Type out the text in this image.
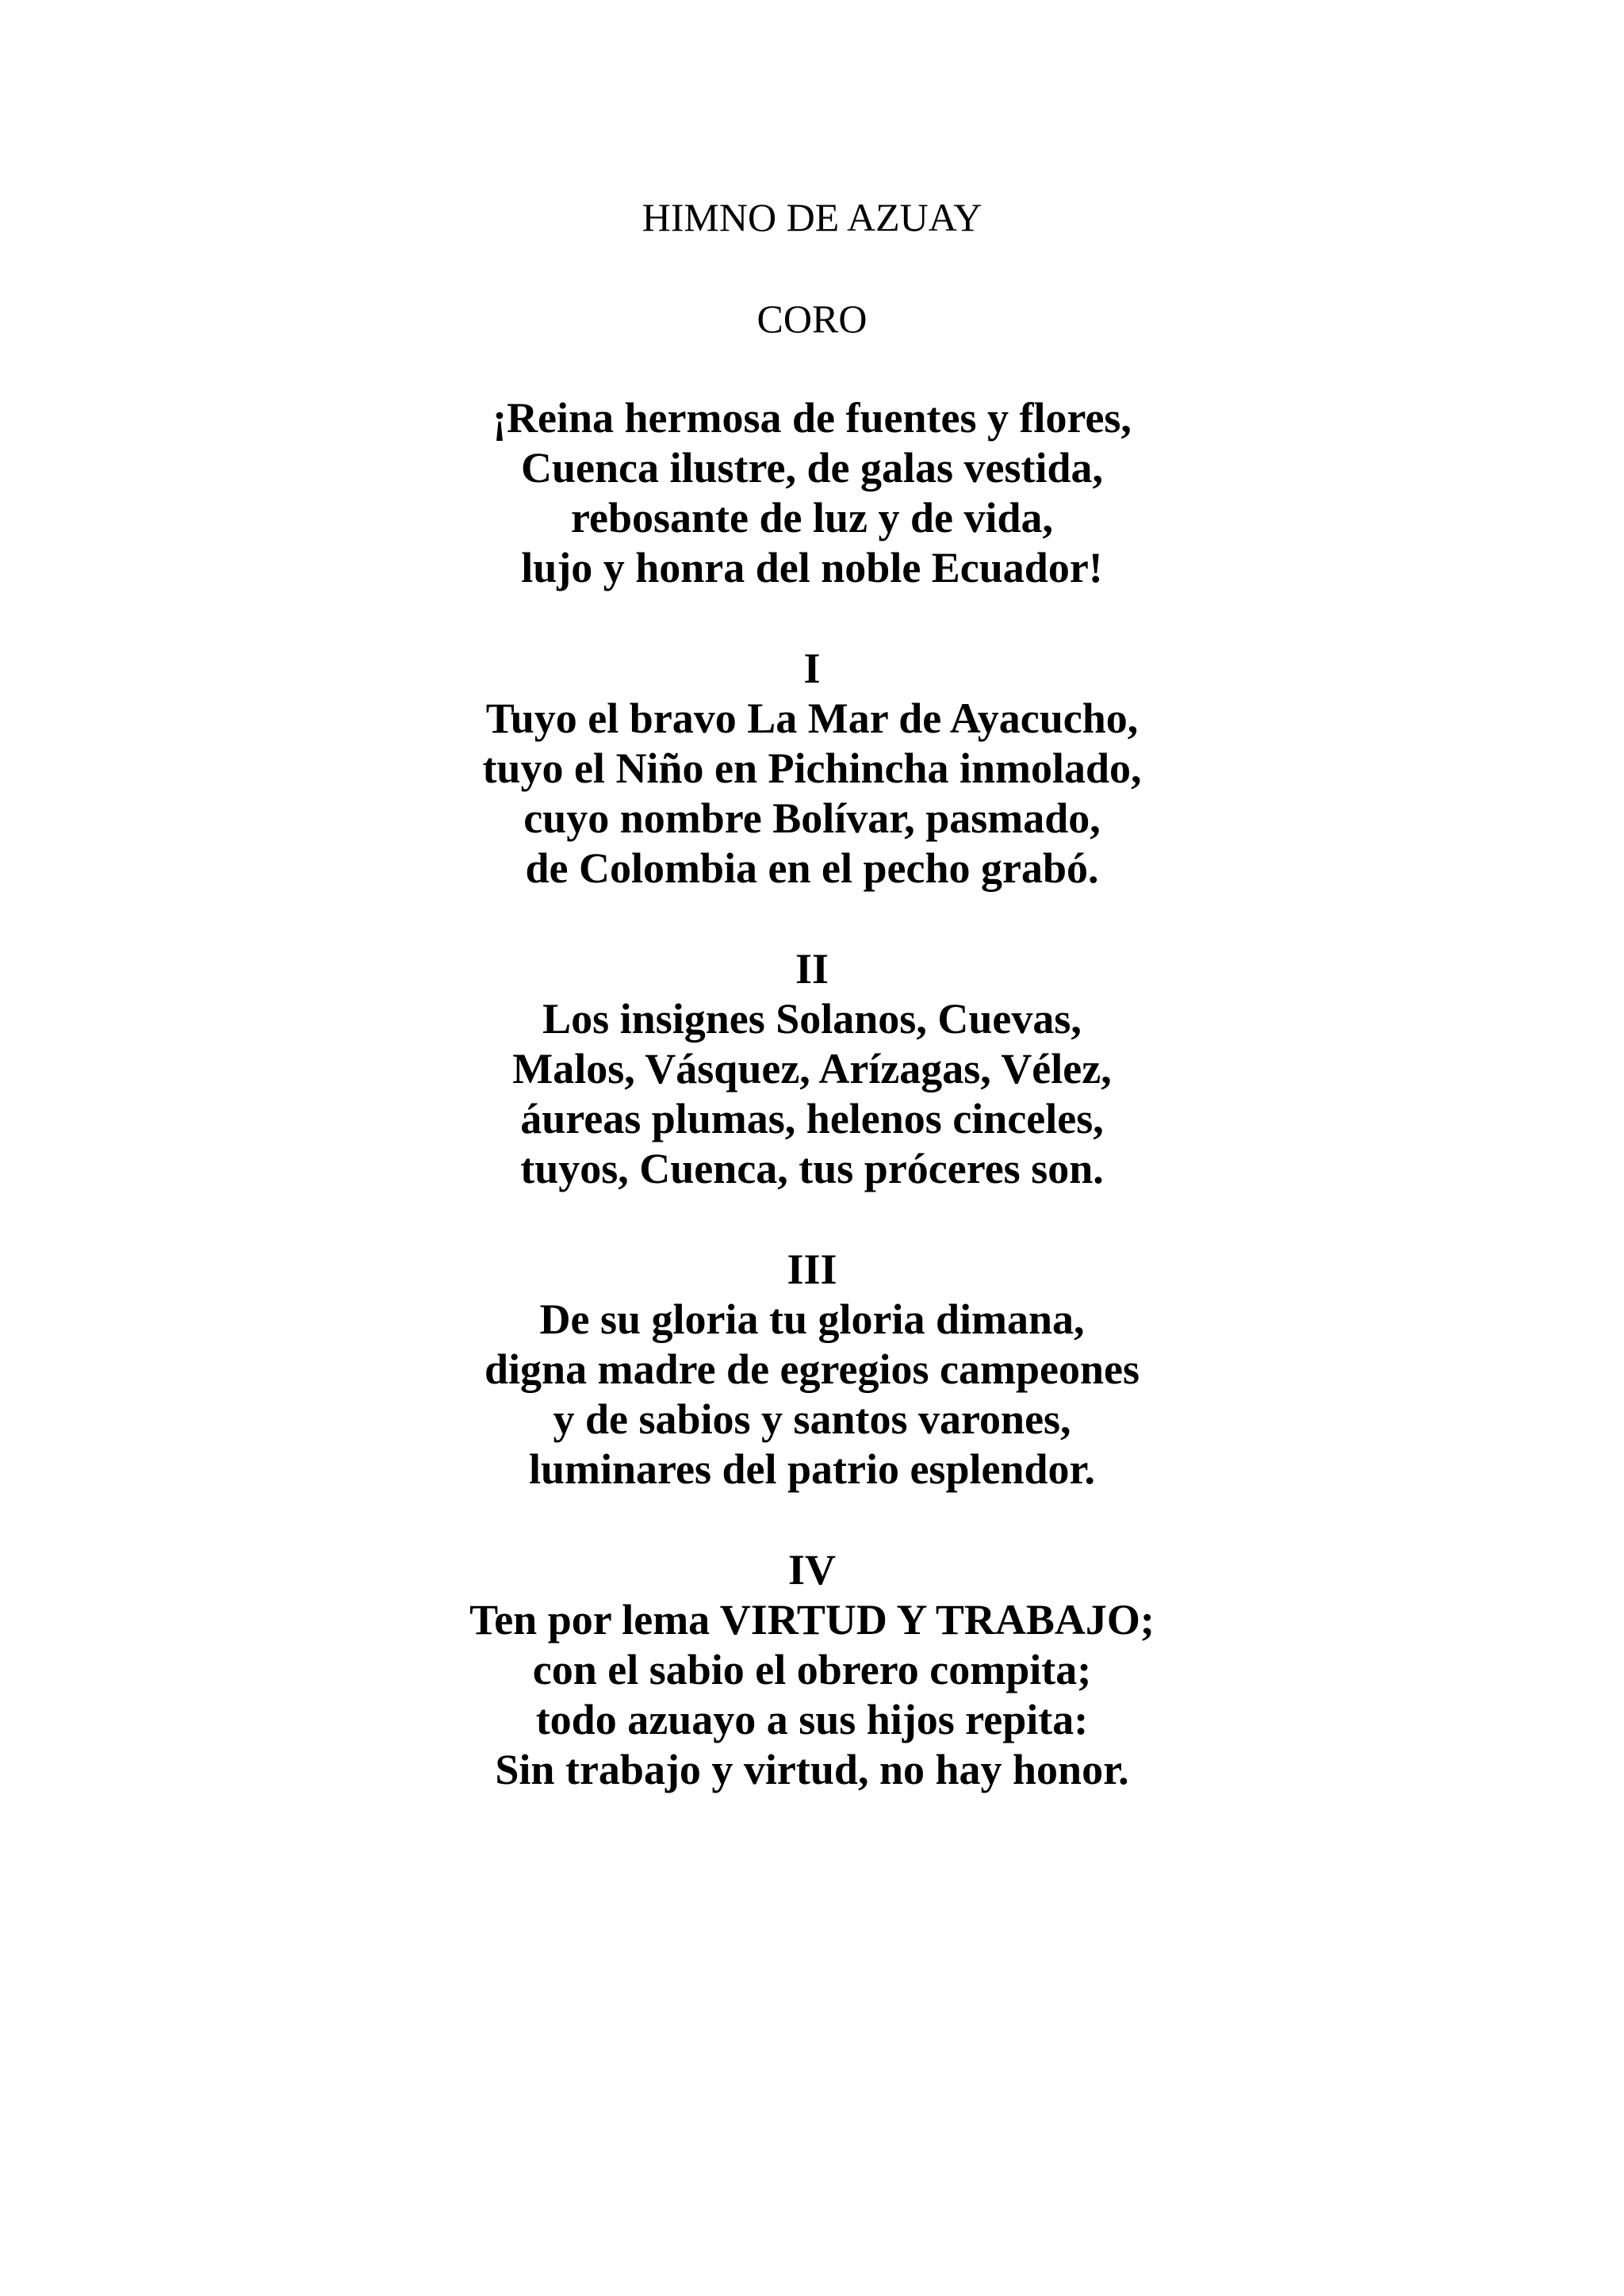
HIMNO DE AZUAY
CORO
¡Reina hermosa de fuentes y flores,
Cuenca ilustre, de galas vestida,
rebosante de luz y de vida,
lujo y honra del noble Ecuador!
I
Tuyo el bravo La Mar de Ayacucho,
tuyo el Niño en Pichincha inmolado,
cuyo nombre Bolívar, pasmado,
de Colombia en el pecho grabó.
II
Los insignes Solanos, Cuevas,
Malos, Vásquez, Arízagas, Vélez,
áureas plumas, helenos cinceles,
tuyos, Cuenca, tus próceres son.
III
De su gloria tu gloria dimana,
digna madre de egregios campeones
y de sabios y santos varones,
luminares del patrio esplendor.
IV
Ten por lema VIRTUD Y TRABAJO;
con el sabio el obrero compita;
todo azuayo a sus hijos repita:
Sin trabajo y virtud, no hay honor.
